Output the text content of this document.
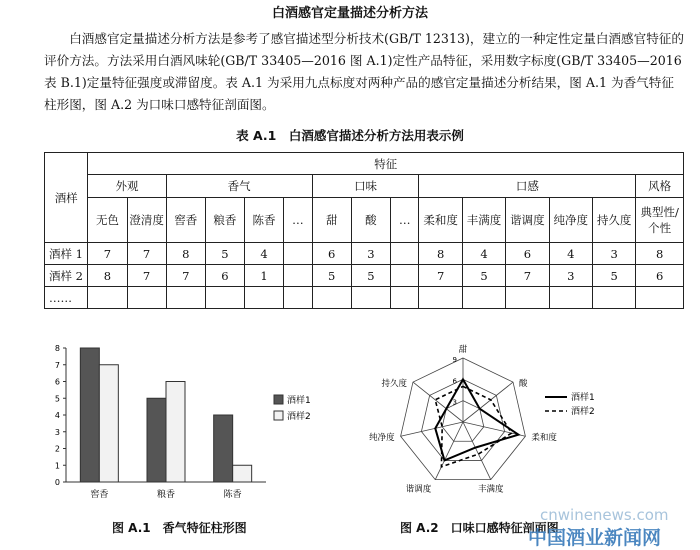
白酒感官定量描述分析方法

白酒感官定量描述分析方法是参考了感官描述型分析技术(GB/T 12313)，建立的一种定性定量白酒感官特征的评价方法。方法采用白酒风味轮(GB/T 33405—2016 图 A.1)定性产品特征，采用数字标度(GB/T 33405—2016 表 B.1)定量特征强度或滞留度。表 A.1 为采用九点标度对两种产品的感官定量描述分析结果，图 A.1 为香气特征柱形图，图 A.2 为口味口感特征剖面图。

表 A.1　白酒感官描述分析方法用表示例
酒样	特征														
	外观		香气				口味			口感					风格
	无色	澄清度	窖香	粮香	陈香	…	甜	酸	…	柔和度	丰满度	谐调度	纯净度	持久度	典型性/个性
酒样 1	7	7	8	5	4		6	3		8	4	6	4	3	8
酒样 2	8	7	7	6	1		5	5		7	5	7	3	5	6
……															
0
1
2
3
4
5
6
7
8
窖香	粮香	陈香
酒样1
酒样2
3
6
9
甜
酸
柔和度
丰满度
谐调度
纯净度
持久度
酒样1
酒样2
图 A.1　香气特征柱形图	图 A.2　口味口感特征剖面图
cnwinenews.com
中国酒业新闻网
